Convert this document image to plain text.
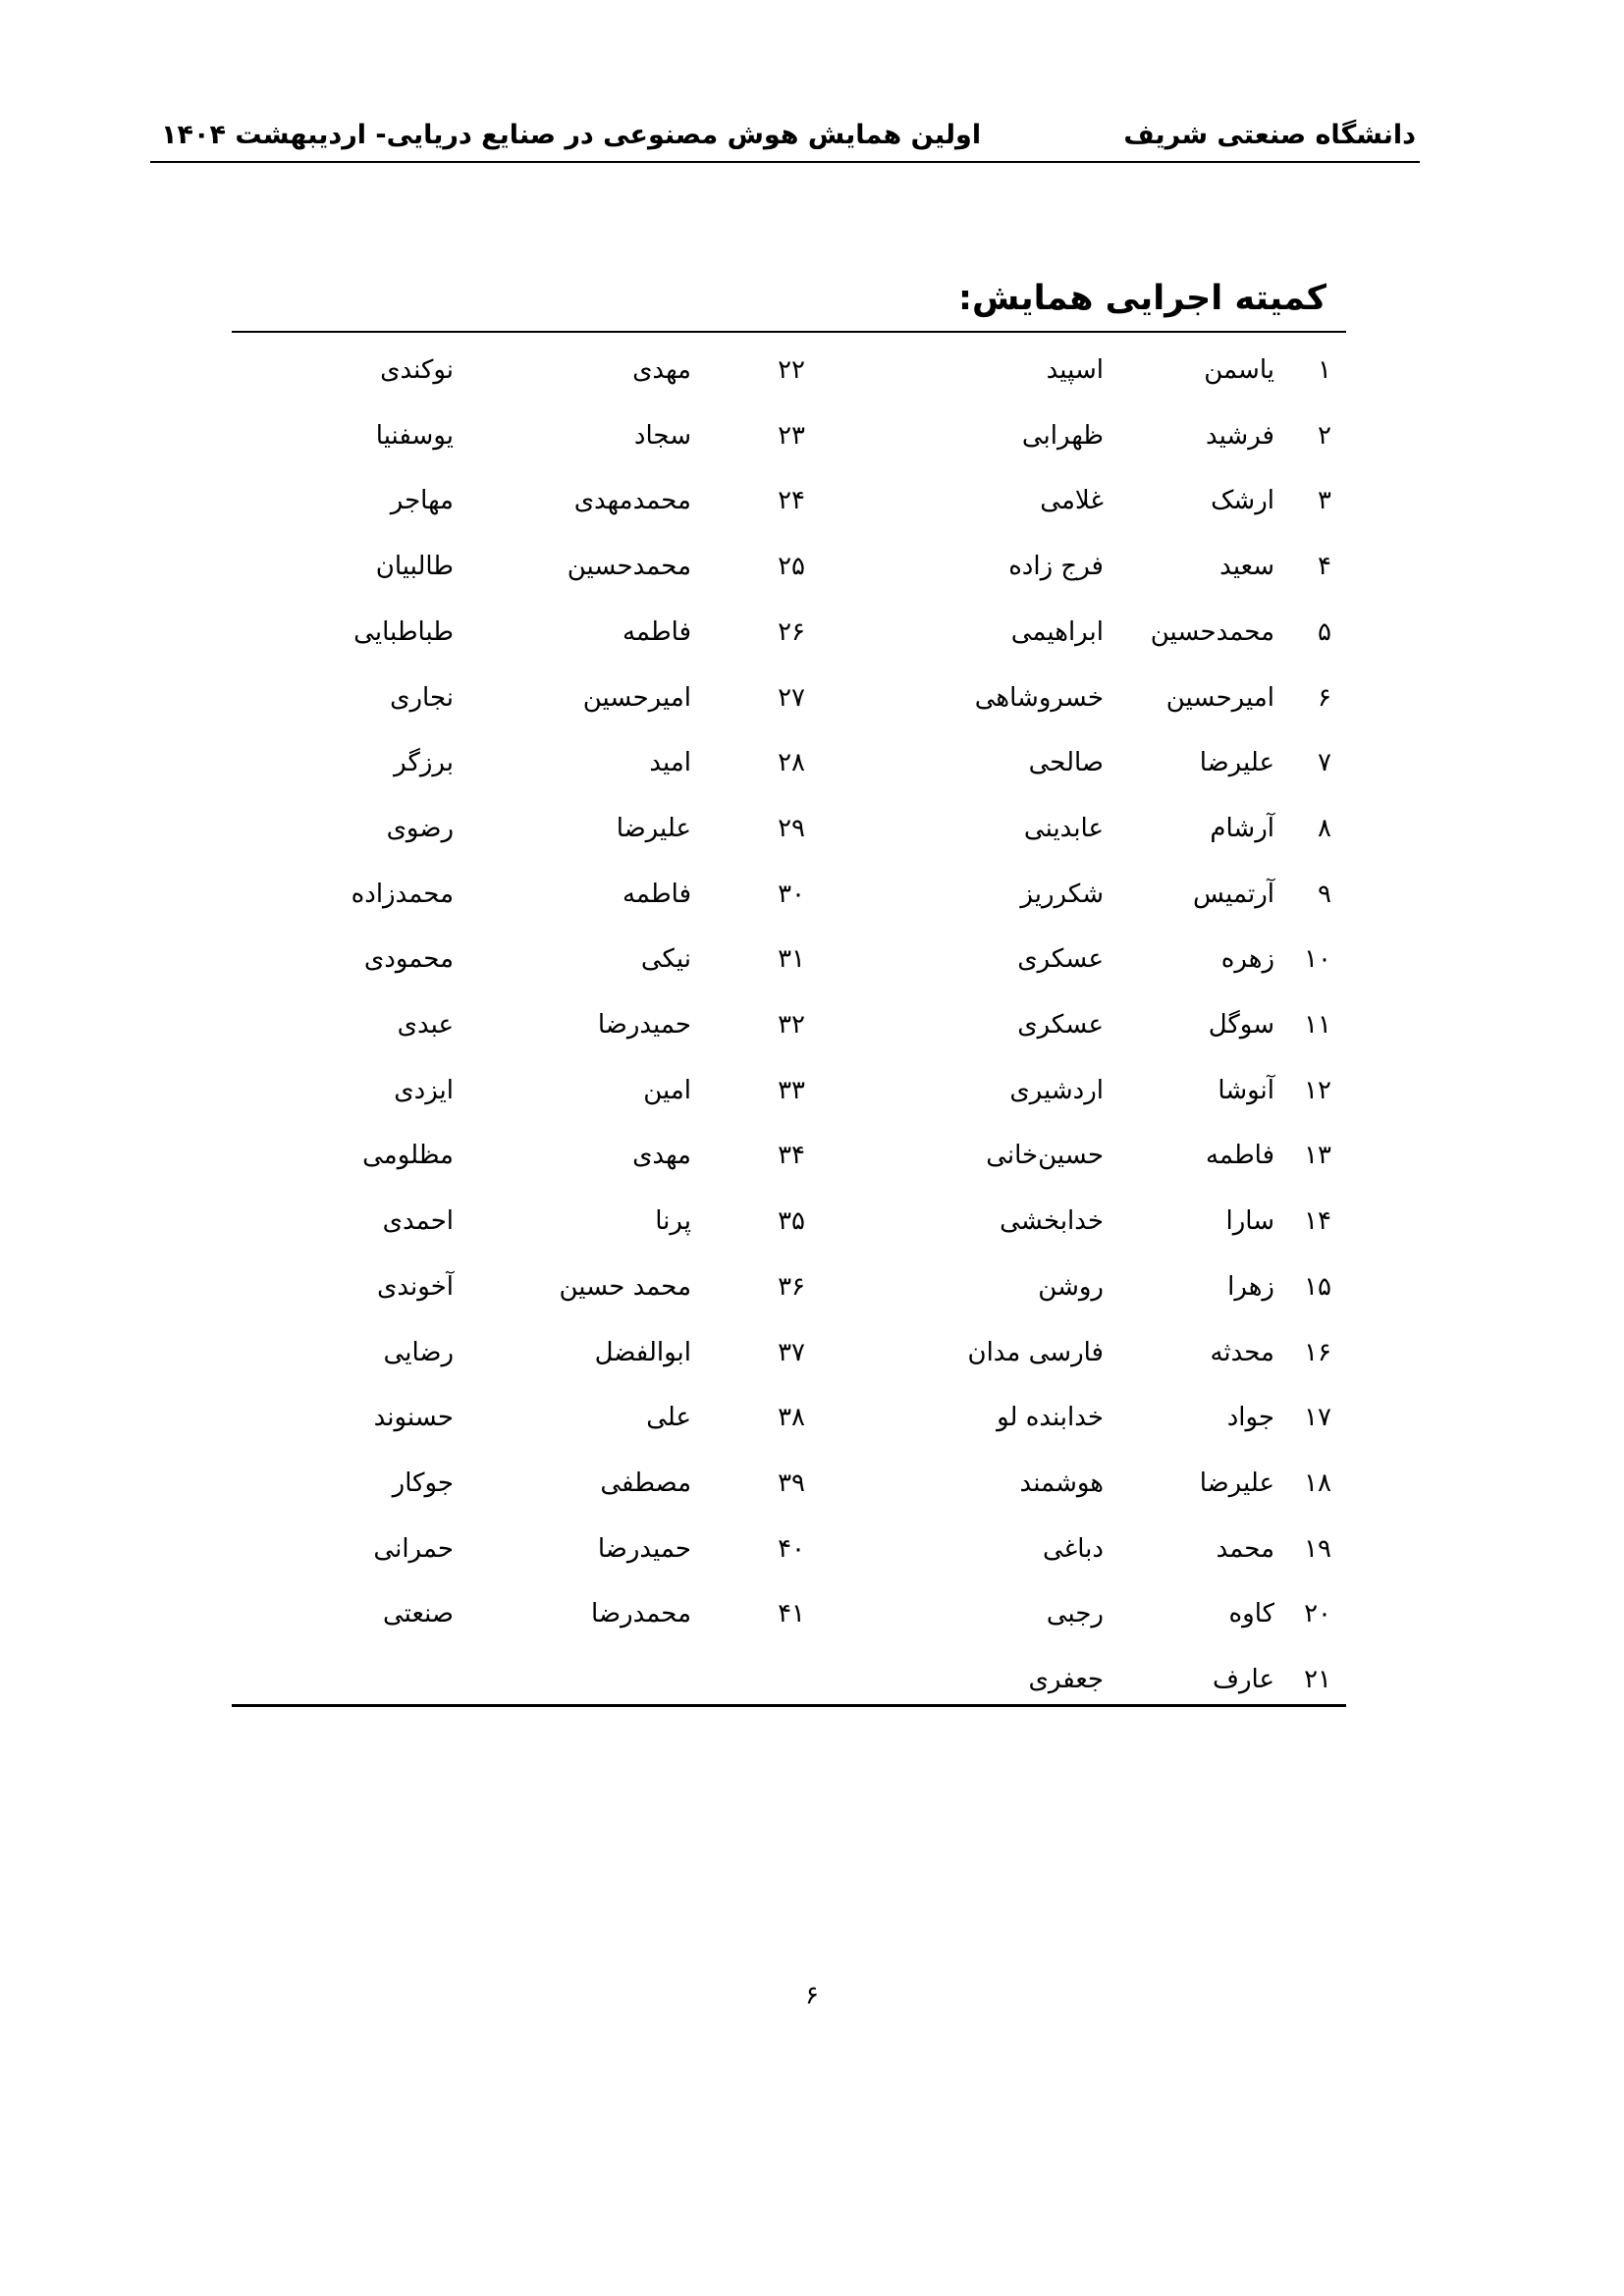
دانشگاه صنعتی شریف
اولین همایش هوش مصنوعی در صنایع دریایی- اردیبهشت ۱۴۰۴
کمیته اجرایی همایش:
۱
یاسمن
اسپید
۲
فرشید
ظهرابی
۳
ارشک
غلامی
۴
سعید
فرج زاده
۵
محمدحسین
ابراهیمی
۶
امیرحسین
خسروشاهی
۷
علیرضا
صالحی
۸
آرشام
عابدینی
۹
آرتمیس
شکرریز
۱۰
زهره
عسکری
۱۱
سوگل
عسکری
۱۲
آنوشا
اردشیری
۱۳
فاطمه
حسین‌خانی
۱۴
سارا
خدابخشی
۱۵
زهرا
روشن
۱۶
محدثه
فارسی مدان
۱۷
جواد
خدابنده لو
۱۸
علیرضا
هوشمند
۱۹
محمد
دباغی
۲۰
کاوه
رجبی
۲۱
عارف
جعفری
۲۲
مهدی
نوکندی
۲۳
سجاد
یوسفنیا
۲۴
محمدمهدی
مهاجر
۲۵
محمدحسین
طالبیان
۲۶
فاطمه
طباطبایی
۲۷
امیرحسین
نجاری
۲۸
امید
برزگر
۲۹
علیرضا
رضوی
۳۰
فاطمه
محمدزاده
۳۱
نیکی
محمودی
۳۲
حمیدرضا
عبدی
۳۳
امین
ایزدی
۳۴
مهدی
مظلومی
۳۵
پرنا
احمدی
۳۶
محمد حسین
آخوندی
۳۷
ابوالفضل
رضایی
۳۸
علی
حسنوند
۳۹
مصطفی
جوکار
۴۰
حمیدرضا
حمرانی
۴۱
محمدرضا
صنعتی
۶
